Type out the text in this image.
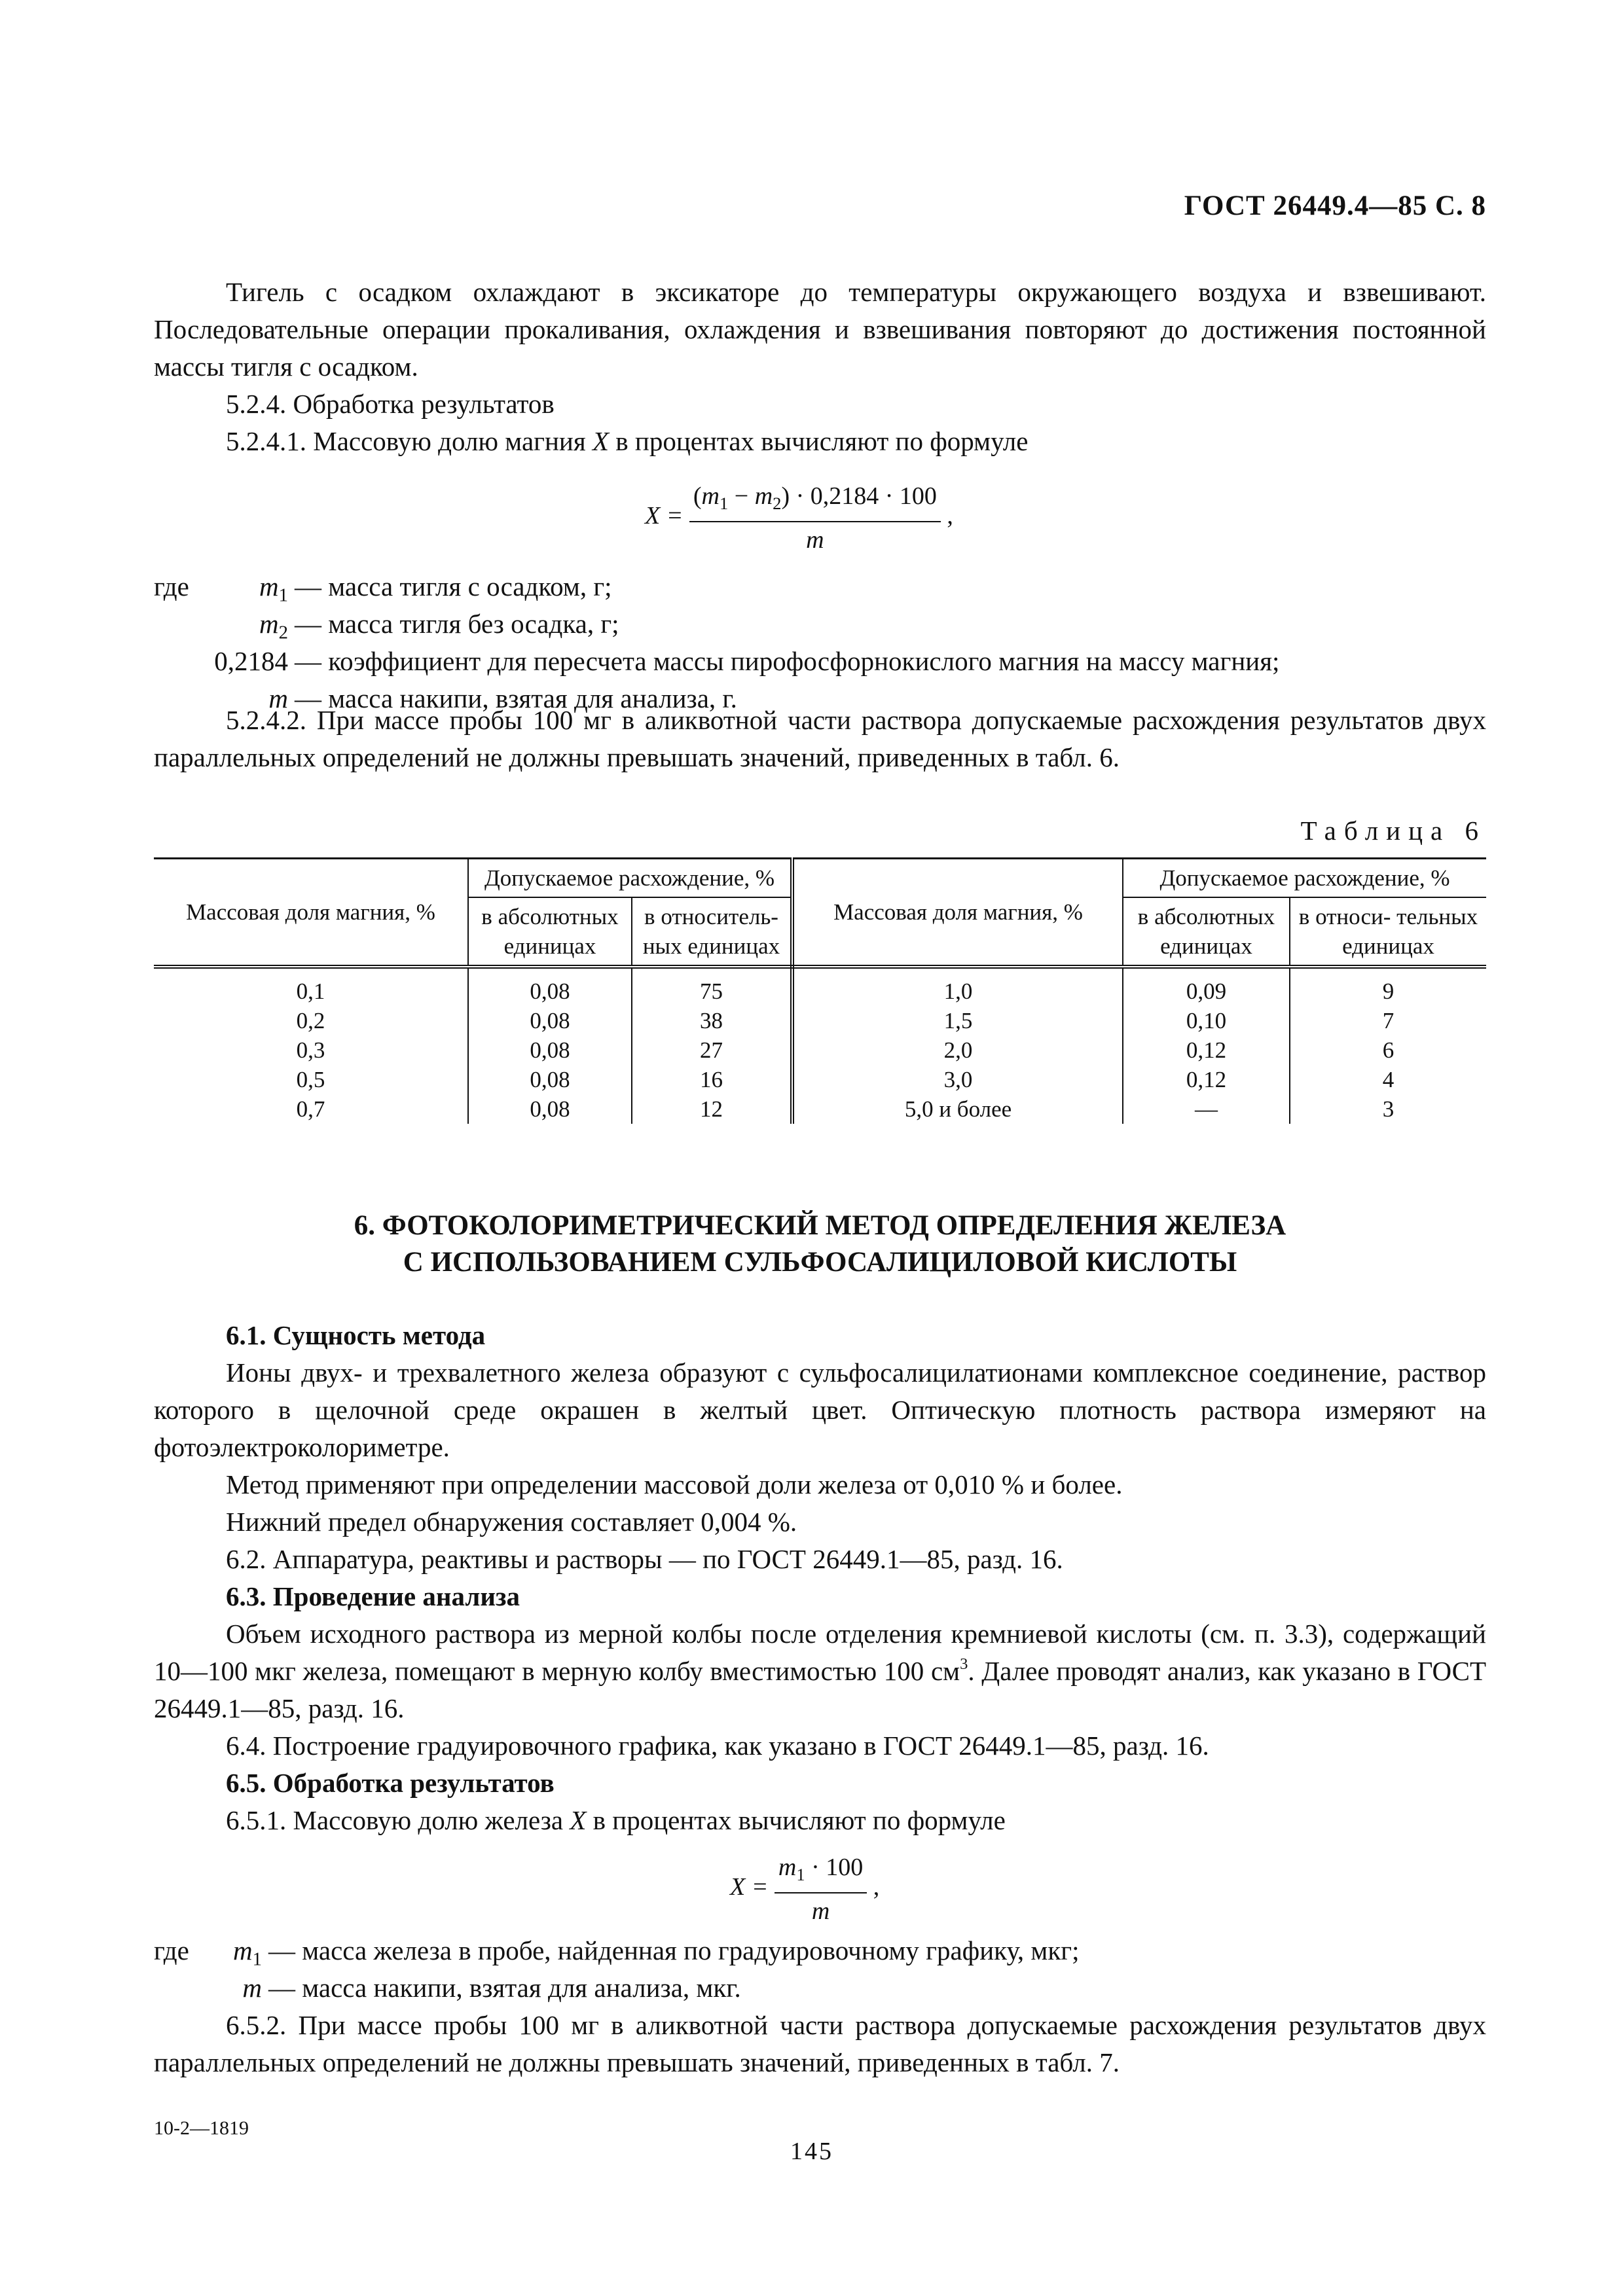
ГОСТ 26449.4—85 С. 8

Тигель с осадком охлаждают в эксикаторе до температуры окружающего воздуха и взвешивают. Последовательные операции прокаливания, охлаждения и взвешивания повторяют до достижения постоянной массы тигля с осадком.

5.2.4. Обработка результатов
5.2.4.1. Массовую долю магния X в процентах вычисляют по формуле
$X = \frac{(m_1 - m_2) \cdot 0,2184 \cdot 100}{m}$ ,
где	$m_1$ — масса тигля с осадком, г;
$m_2$ — масса тигля без осадка, г;
0,2184 — коэффициент для пересчета массы пирофосфорнокислого магния на массу магния;
m — масса накипи, взятая для анализа, г.

5.2.4.2. При массе пробы 100 мг в аликвотной части раствора допускаемые расхождения результатов двух параллельных определений не должны превышать значений, приведенных в табл. 6.

Таблица 6
Массовая доля магния, %	Допускаемое расхождение, %		Массовая доля магния, %	Допускаемое расхождение, %	
	в абсолютных единицах	в относитель- ных единицах		в абсолютных единицах	в относи- тельных единицах
0,1	0,08	75	1,0	0,09	9
0,2	0,08	38	1,5	0,10	7
0,3	0,08	27	2,0	0,12	6
0,5	0,08	16	3,0	0,12	4
0,7	0,08	12	5,0 и более	—	3
6. ФОТОКОЛОРИМЕТРИЧЕСКИЙ МЕТОД ОПРЕДЕЛЕНИЯ ЖЕЛЕЗА
С ИСПОЛЬЗОВАНИЕМ СУЛЬФОСАЛИЦИЛОВОЙ КИСЛОТЫ
6.1. Сущность метода

Ионы двух- и трехвалетного железа образуют с сульфосалицилатионами комплексное соединение, раствор которого в щелочной среде окрашен в желтый цвет. Оптическую плотность раствора измеряют на фотоэлектроколориметре.

Метод применяют при определении массовой доли железа от 0,010 % и более.
Нижний предел обнаружения составляет 0,004 %.
6.2. Аппаратура, реактивы и растворы — по ГОСТ 26449.1—85, разд. 16.
6.3. Проведение анализа

Объем исходного раствора из мерной колбы после отделения кремниевой кислоты (см. п. 3.3), содержащий 10—100 мкг железа, помещают в мерную колбу вместимостью 100 $см^3$. Далее проводят анализ, как указано в ГОСТ 26449.1—85, разд. 16.

6.4. Построение градуировочного графика, как указано в ГОСТ 26449.1—85, разд. 16.
6.5. Обработка результатов
6.5.1. Массовую долю железа X в процентах вычисляют по формуле
$X = \frac{m_1 \cdot 100}{m}$ ,
где $m_1$ — масса железа в пробе, найденная по градуировочному графику, мкг;
m — масса накипи, взятая для анализа, мкг.

6.5.2. При массе пробы 100 мг в аликвотной части раствора допускаемые расхождения результатов двух параллельных определений не должны превышать значений, приведенных в табл. 7.

10-2—1819
145
